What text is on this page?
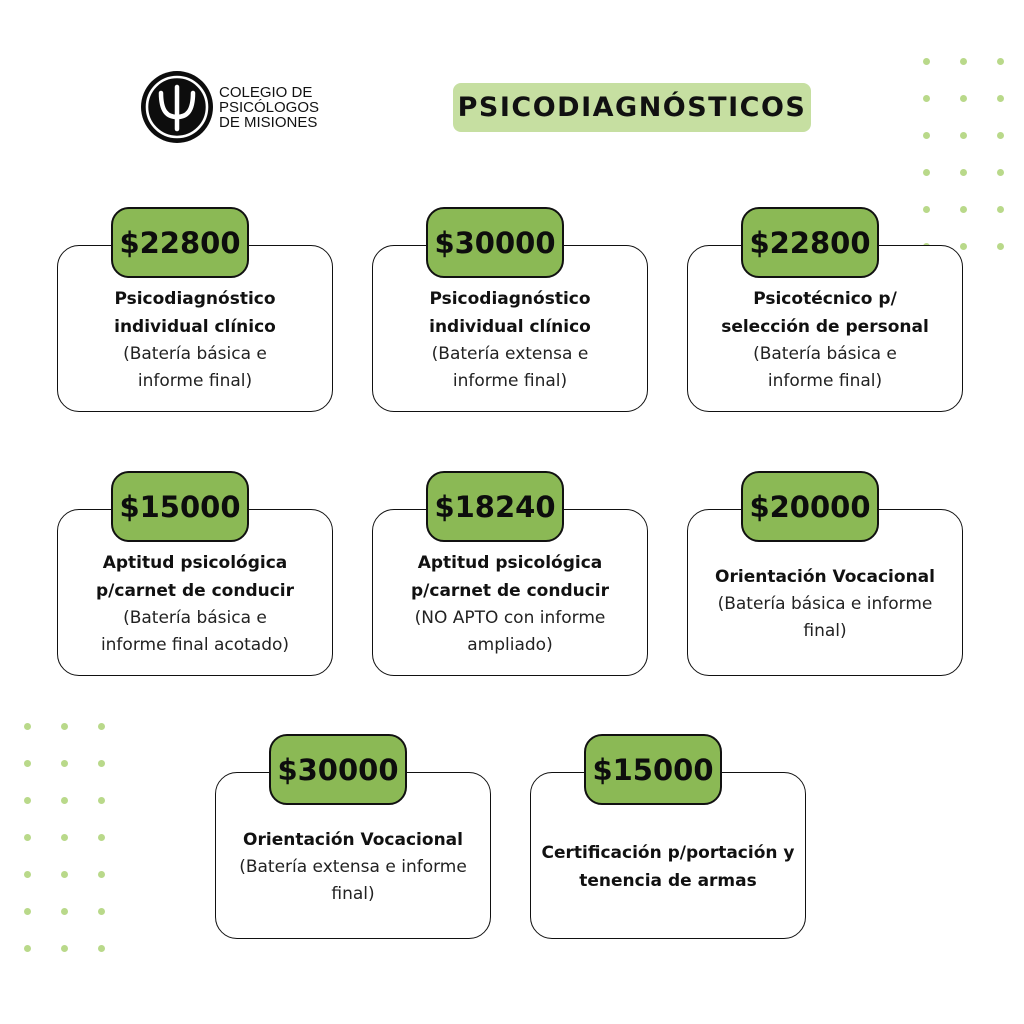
COLEGIO DE
PSICÓLOGOS
DE MISIONES	PSICODIAGNÓSTICOS
Psicodiagnóstico
individual clínico
(Batería básica e
informe final)
$22800
Psicodiagnóstico
individual clínico
(Batería extensa e
informe final)
$30000
Psicotécnico p/
selección de personal
(Batería básica e
informe final)
$22800
Aptitud psicológica
p/carnet de conducir
(Batería básica e
informe final acotado)
$15000
Aptitud psicológica
p/carnet de conducir
(NO APTO con informe
ampliado)
$18240
Orientación Vocacional
(Batería básica e informe
final)
$20000
Orientación Vocacional
(Batería extensa e informe
final)
$30000
Certificación p/portación y
tenencia de armas
$15000
